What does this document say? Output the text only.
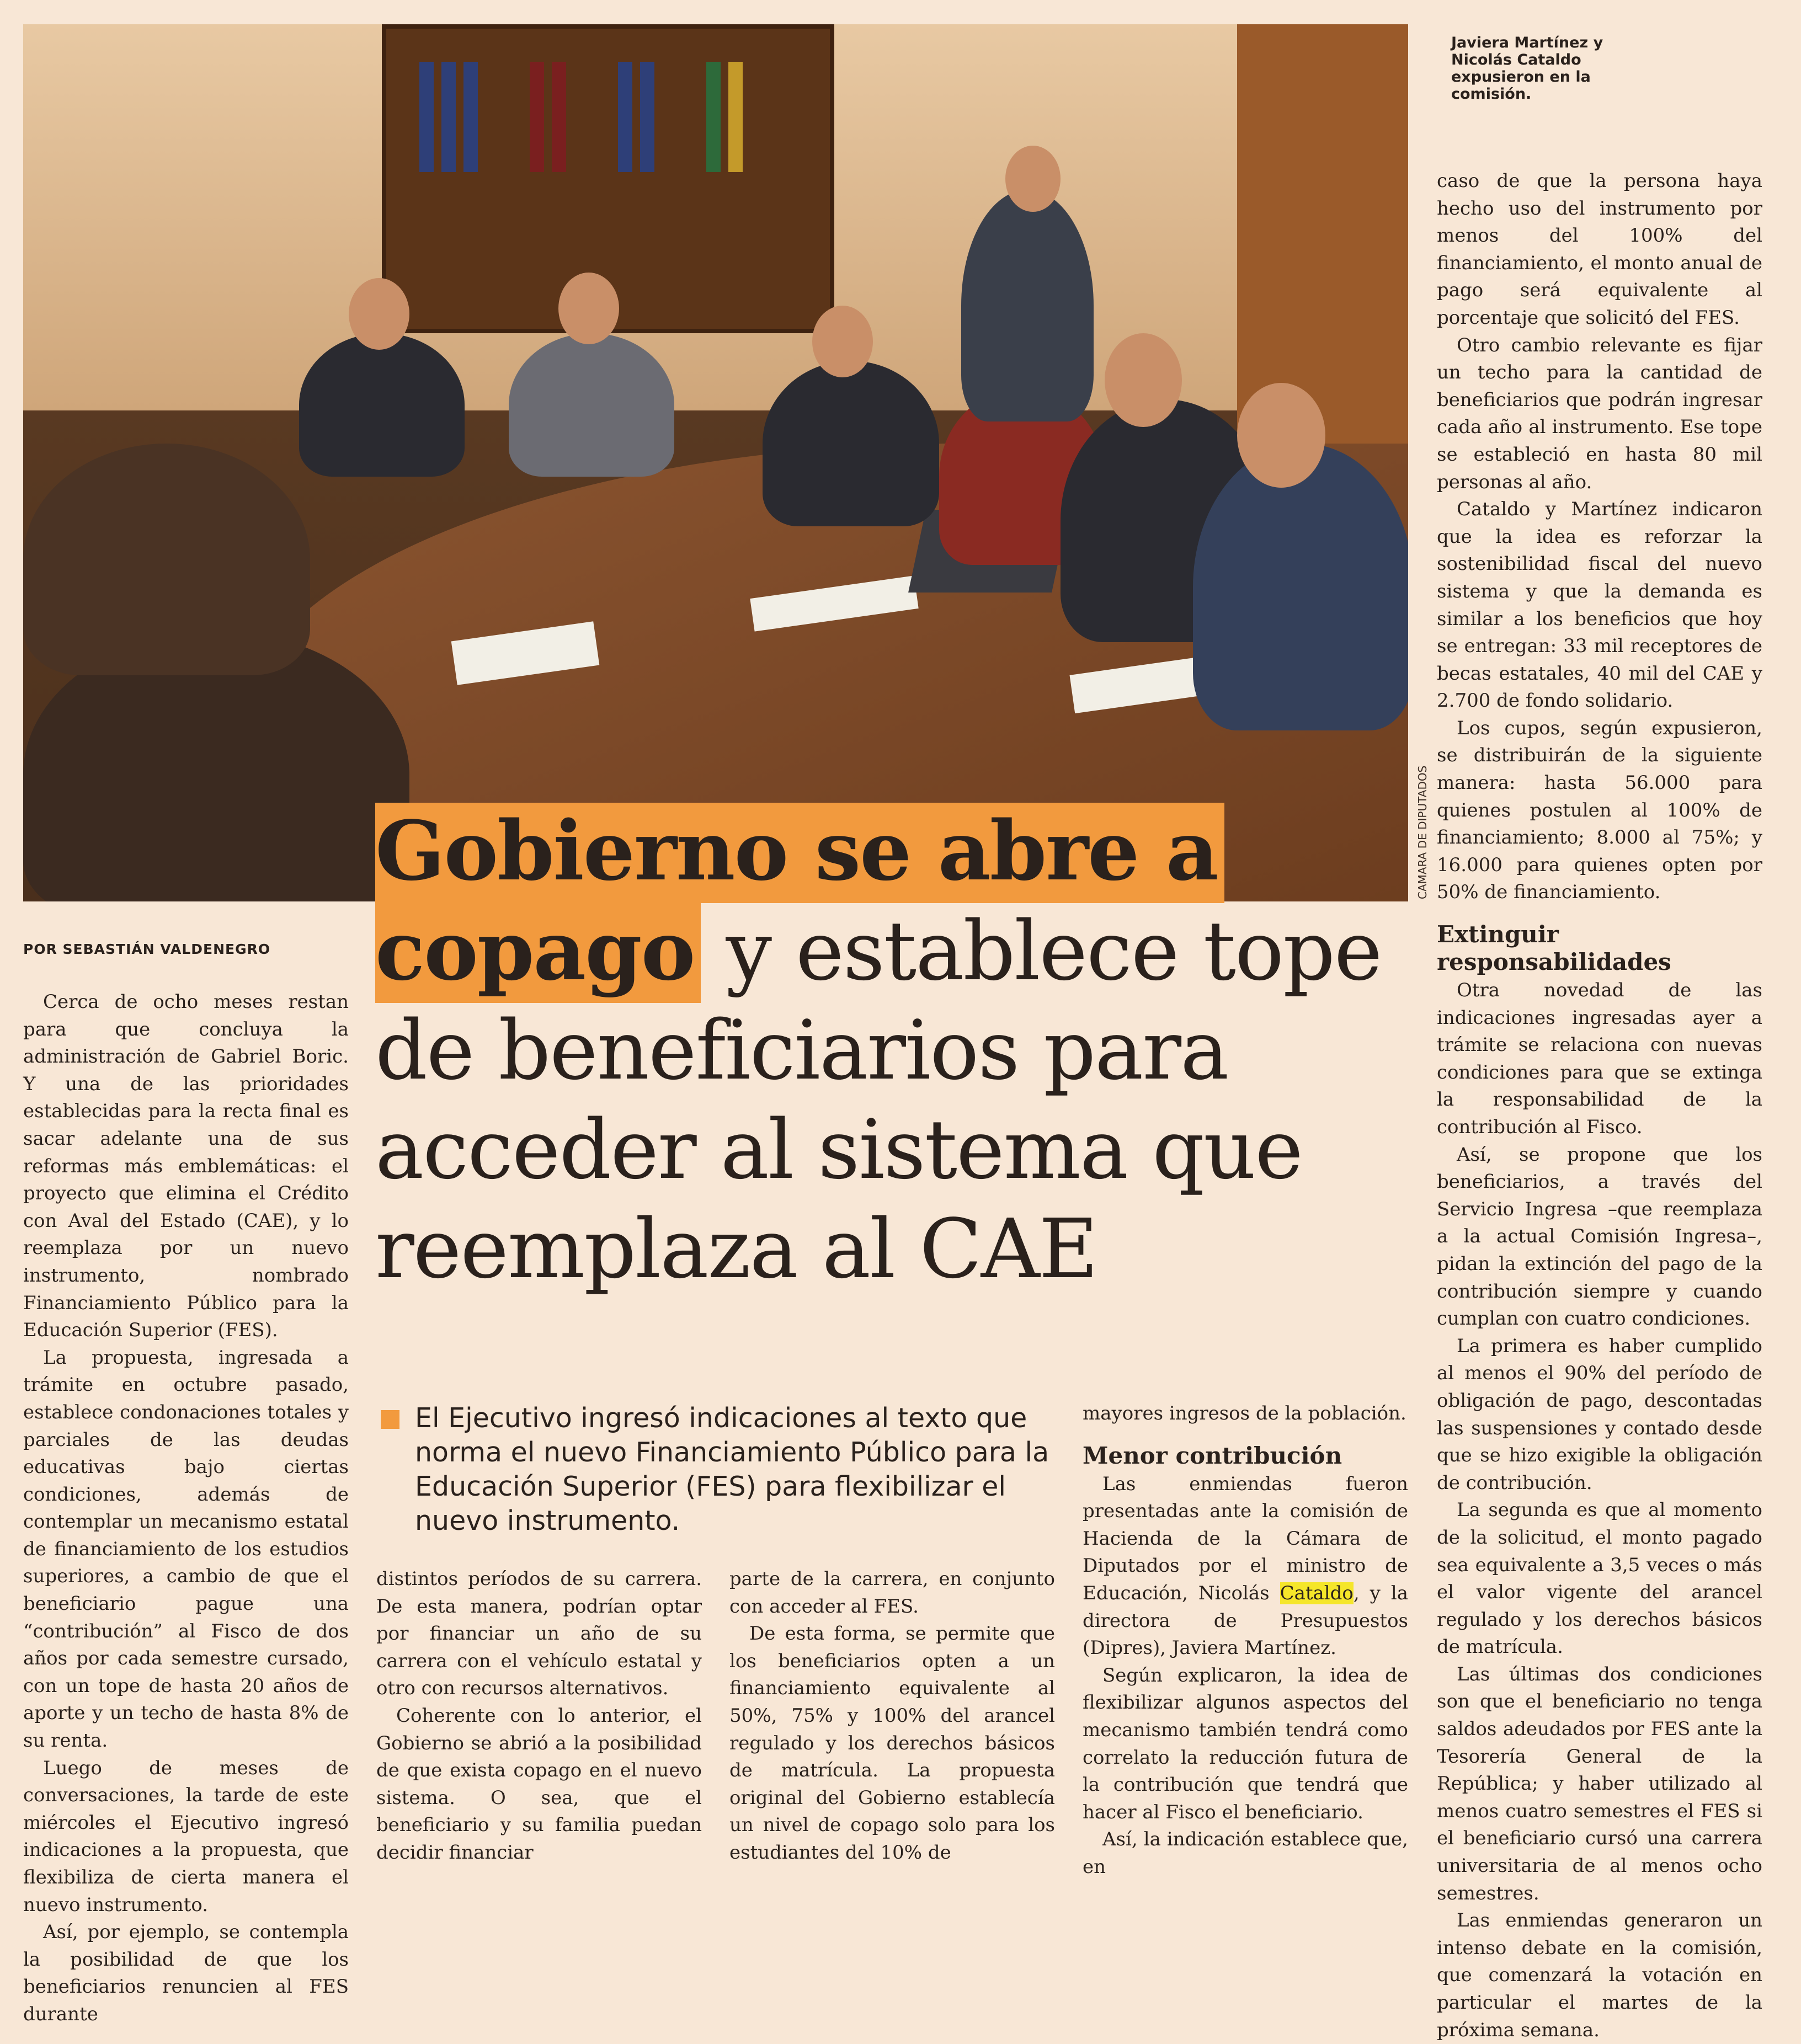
CAMARA DE DIPUTADOS
Javiera Martínez y Nicolás Cataldo expusieron en la comisión.
Gobierno se abre a
copago y establece tope
de beneficiarios para
acceder al sistema que
reemplaza al CAE
POR SEBASTIÁN VALDENEGRO

Cerca de ocho meses restan para que concluya la administración de Gabriel Boric. Y una de las prioridades establecidas para la recta final es sacar adelante una de sus reformas más emblemáticas: el proyecto que elimina el Crédito con Aval del Estado (CAE), y lo reemplaza por un nuevo instrumento, nombrado Financiamiento Público para la Educación Superior (FES).

La propuesta, ingresada a trámite en octubre pasado, establece condonaciones totales y parciales de las deudas educativas bajo ciertas condiciones, además de contemplar un mecanismo estatal de financiamiento de los estudios superiores, a cambio de que el beneficiario pague una “contribución” al Fisco de dos años por cada semestre cursado, con un tope de hasta 20 años de aporte y un techo de hasta 8% de su renta.

Luego de meses de conversaciones, la tarde de este miércoles el Ejecutivo ingresó indicaciones a la propuesta, que flexibiliza de cierta manera el nuevo instrumento.

Así, por ejemplo, se contempla la posibilidad de que los beneficiarios renuncien al FES durante

El Ejecutivo ingresó indicaciones al texto que norma el nuevo Financiamiento Público para la Educación Superior (FES) para flexibilizar el nuevo instrumento.

distintos períodos de su carrera. De esta manera, podrían optar por financiar un año de su carrera con el vehículo estatal y otro con recursos alternativos.

Coherente con lo anterior, el Gobierno se abrió a la posibilidad de que exista copago en el nuevo sistema. O sea, que el beneficiario y su familia puedan decidir financiar

parte de la carrera, en conjunto con acceder al FES.

De esta forma, se permite que los beneficiarios opten a un financiamiento equivalente al 50%, 75% y 100% del arancel regulado y los derechos básicos de matrícula. La propuesta original del Gobierno establecía un nivel de copago solo para los estudiantes del 10% de

mayores ingresos de la población.

Menor contribución

Las enmiendas fueron presentadas ante la comisión de Hacienda de la Cámara de Diputados por el ministro de Educación, Nicolás Cataldo, y la directora de Presupuestos (Dipres), Javiera Martínez.

Según explicaron, la idea de flexibilizar algunos aspectos del mecanismo también tendrá como correlato la reducción futura de la contribución que tendrá que hacer al Fisco el beneficiario.

Así, la indicación establece que, en

caso de que la persona haya hecho uso del instrumento por menos del 100% del financiamiento, el monto anual de pago será equivalente al porcentaje que solicitó del FES.

Otro cambio relevante es fijar un techo para la cantidad de beneficiarios que podrán ingresar cada año al instrumento. Ese tope se estableció en hasta 80 mil personas al año.

Cataldo y Martínez indicaron que la idea es reforzar la sostenibilidad fiscal del nuevo sistema y que la demanda es similar a los beneficios que hoy se entregan: 33 mil receptores de becas estatales, 40 mil del CAE y 2.700 de fondo solidario.

Los cupos, según expusieron, se distribuirán de la siguiente manera: hasta 56.000 para quienes postulen al 100% de financiamiento; 8.000 al 75%; y 16.000 para quienes opten por 50% de financiamiento.

Extinguir responsabilidades

Otra novedad de las indicaciones ingresadas ayer a trámite se relaciona con nuevas condiciones para que se extinga la responsabilidad de la contribución al Fisco.

Así, se propone que los beneficiarios, a través del Servicio Ingresa –que reemplaza a la actual Comisión Ingresa–, pidan la extinción del pago de la contribución siempre y cuando cumplan con cuatro condiciones.

La primera es haber cumplido al menos el 90% del período de obligación de pago, descontadas las suspensiones y contado desde que se hizo exigible la obligación de contribución.

La segunda es que al momento de la solicitud, el monto pagado sea equivalente a 3,5 veces o más el valor vigente del arancel regulado y los derechos básicos de matrícula.

Las últimas dos condiciones son que el beneficiario no tenga saldos adeudados por FES ante la Tesorería General de la República; y haber utilizado al menos cuatro semestres el FES si el beneficiario cursó una carrera universitaria de al menos ocho semestres.

Las enmiendas generaron un intenso debate en la comisión, que comenzará la votación en particular el martes de la próxima semana.
